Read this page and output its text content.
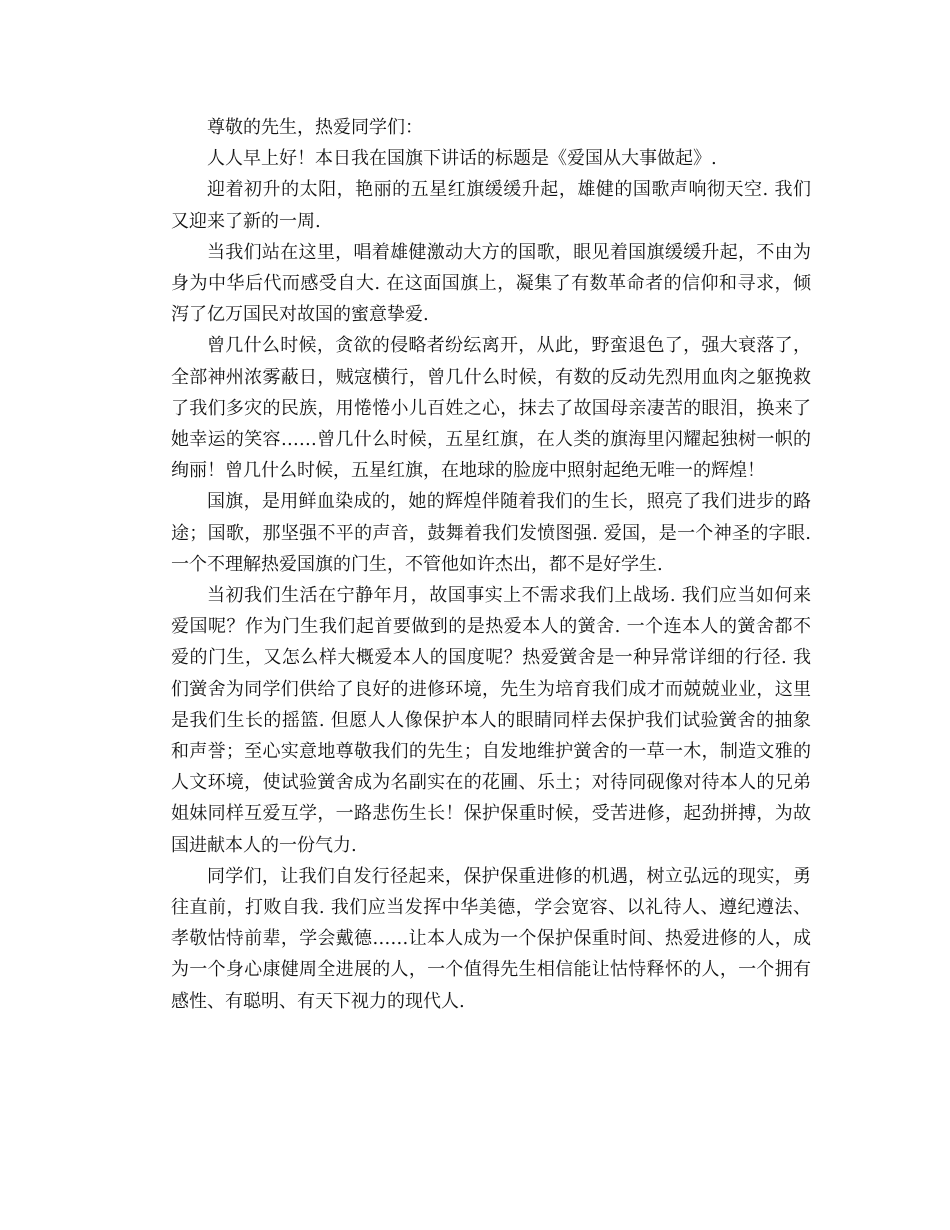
尊敬的先生，热爱同学们：

人人早上好！本日我在国旗下讲话的标题是《爱国从大事做起》.

迎着初升的太阳，艳丽的五星红旗缓缓升起，雄健的国歌声响彻天空. 我们又迎来了新的一周.

当我们站在这里，唱着雄健激动大方的国歌，眼见着国旗缓缓升起，不由为身为中华后代而感受自大. 在这面国旗上，凝集了有数革命者的信仰和寻求，倾泻了亿万国民对故国的蜜意挚爱.

曾几什么时候，贪欲的侵略者纷纭离开，从此，野蛮退色了，强大衰落了，全部神州浓雾蔽日，贼寇横行，曾几什么时候，有数的反动先烈用血肉之躯挽救了我们多灾的民族，用惓惓小儿百姓之心，抹去了故国母亲凄苦的眼泪，换来了她幸运的笑容……曾几什么时候，五星红旗，在人类的旗海里闪耀起独树一帜的绚丽！曾几什么时候，五星红旗，在地球的脸庞中照射起绝无唯一的辉煌！

国旗，是用鲜血染成的，她的辉煌伴随着我们的生长，照亮了我们进步的路途；国歌，那坚强不平的声音，鼓舞着我们发愤图强. 爱国，是一个神圣的字眼. 一个不理解热爱国旗的门生，不管他如许杰出，都不是好学生.

当初我们生活在宁静年月，故国事实上不需求我们上战场. 我们应当如何来爱国呢？作为门生我们起首要做到的是热爱本人的黉舍. 一个连本人的黉舍都不爱的门生，又怎么样大概爱本人的国度呢？热爱黉舍是一种异常详细的行径. 我们黉舍为同学们供给了良好的进修环境，先生为培育我们成才而兢兢业业，这里是我们生长的摇篮. 但愿人人像保护本人的眼睛同样去保护我们试验黉舍的抽象和声誉；至心实意地尊敬我们的先生；自发地维护黉舍的一草一木，制造文雅的人文环境，使试验黉舍成为名副实在的花圃、乐土；对待同砚像对待本人的兄弟姐妹同样互爱互学，一路悲伤生长！保护保重时候，受苦进修，起劲拼搏，为故国进献本人的一份气力.

同学们，让我们自发行径起来，保护保重进修的机遇，树立弘远的现实，勇往直前，打败自我. 我们应当发挥中华美德，学会宽容、以礼待人、遵纪遵法、孝敬怙恃前辈，学会戴德……让本人成为一个保护保重时间、热爱进修的人，成为一个身心康健周全进展的人，一个值得先生相信能让怙恃释怀的人，一个拥有感性、有聪明、有天下视力的现代人.
